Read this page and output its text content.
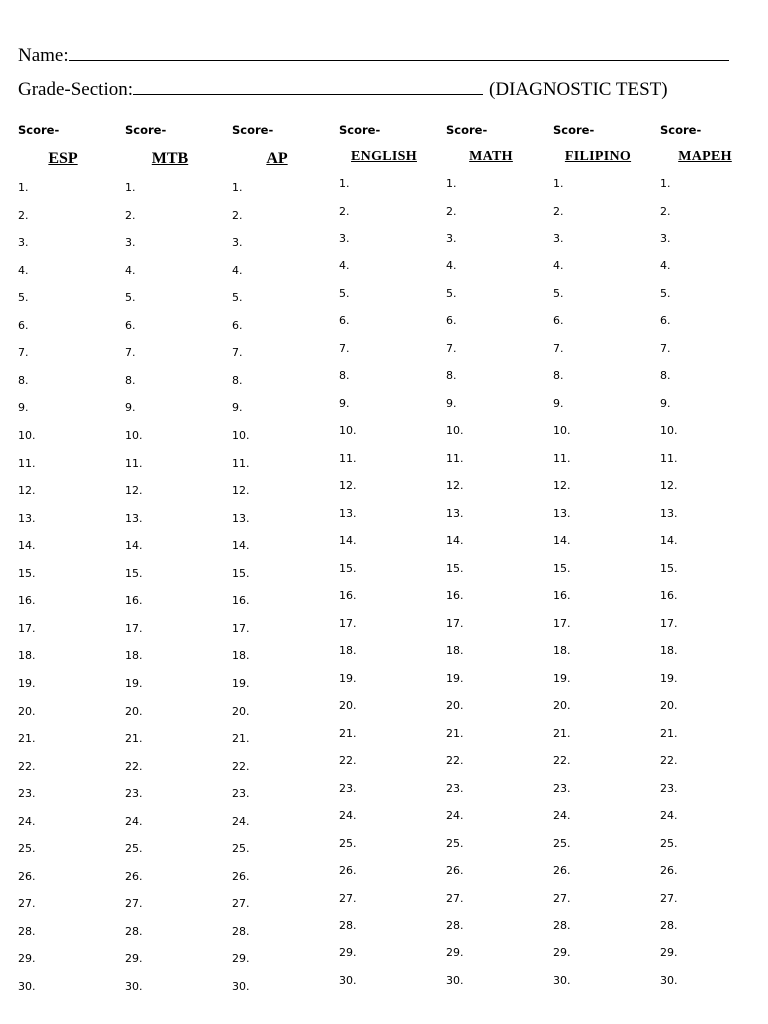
Name:
Grade-Section:	(DIAGNOSTIC TEST)
Score-
ESP
1.
2.
3.
4.
5.
6.
7.
8.
9.
10.
11.
12.
13.
14.
15.
16.
17.
18.
19.
20.
21.
22.
23.
24.
25.
26.
27.
28.
29.
30.
Score-
MTB
1.
2.
3.
4.
5.
6.
7.
8.
9.
10.
11.
12.
13.
14.
15.
16.
17.
18.
19.
20.
21.
22.
23.
24.
25.
26.
27.
28.
29.
30.
Score-
AP
1.
2.
3.
4.
5.
6.
7.
8.
9.
10.
11.
12.
13.
14.
15.
16.
17.
18.
19.
20.
21.
22.
23.
24.
25.
26.
27.
28.
29.
30.
Score-
ENGLISH
1.
2.
3.
4.
5.
6.
7.
8.
9.
10.
11.
12.
13.
14.
15.
16.
17.
18.
19.
20.
21.
22.
23.
24.
25.
26.
27.
28.
29.
30.
Score-
MATH
1.
2.
3.
4.
5.
6.
7.
8.
9.
10.
11.
12.
13.
14.
15.
16.
17.
18.
19.
20.
21.
22.
23.
24.
25.
26.
27.
28.
29.
30.
Score-
FILIPINO
1.
2.
3.
4.
5.
6.
7.
8.
9.
10.
11.
12.
13.
14.
15.
16.
17.
18.
19.
20.
21.
22.
23.
24.
25.
26.
27.
28.
29.
30.
Score-
MAPEH
1.
2.
3.
4.
5.
6.
7.
8.
9.
10.
11.
12.
13.
14.
15.
16.
17.
18.
19.
20.
21.
22.
23.
24.
25.
26.
27.
28.
29.
30.
